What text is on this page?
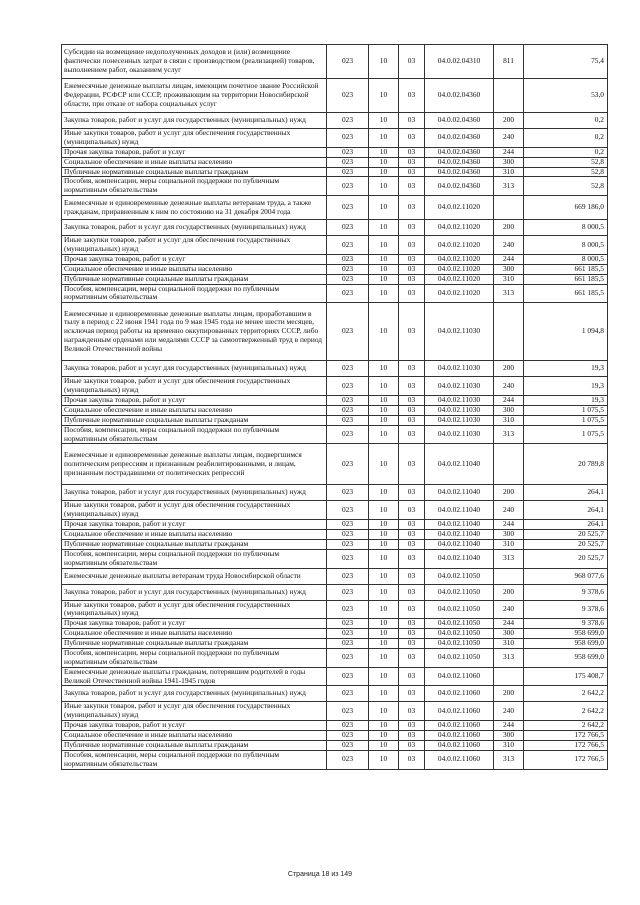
Субсидии на возмещение недополученных доходов и (или) возмещение фактически понесенных затрат в связи с производством (реализацией) товаров, выполнением работ, оказанием услуг	023	10	03	04.0.02.04310	811	75,4
Ежемесячные денежные выплаты лицам, имеющим почетное звание Российской Федерации, РСФСР или СССР, проживающим на территории Новосибирской области, при отказе от набора социальных услуг	023	10	03	04.0.02.04360		53,0
Закупка товаров, работ и услуг для государственных (муниципальных) нужд	023	10	03	04.0.02.04360	200	0,2
Иные закупки товаров, работ и услуг для обеспечения государственных (муниципальных) нужд	023	10	03	04.0.02.04360	240	0,2
Прочая закупка товаров, работ и услуг	023	10	03	04.0.02.04360	244	0,2
Социальное обеспечение и иные выплаты населению	023	10	03	04.0.02.04360	300	52,8
Публичные нормативные социальные выплаты гражданам	023	10	03	04.0.02.04360	310	52,8
Пособия, компенсации, меры социальной поддержки по публичным нормативным обязательствам	023	10	03	04.0.02.04360	313	52,8
Ежемесячные и единовременные денежные выплаты ветеранам труда, а также гражданам, приравненным к ним по состоянию на 31 декабря 2004 года	023	10	03	04.0.02.11020		669 186,0
Закупка товаров, работ и услуг для государственных (муниципальных) нужд	023	10	03	04.0.02.11020	200	8 000,5
Иные закупки товаров, работ и услуг для обеспечения государственных (муниципальных) нужд	023	10	03	04.0.02.11020	240	8 000,5
Прочая закупка товаров, работ и услуг	023	10	03	04.0.02.11020	244	8 000,5
Социальное обеспечение и иные выплаты населению	023	10	03	04.0.02.11020	300	661 185,5
Публичные нормативные социальные выплаты гражданам	023	10	03	04.0.02.11020	310	661 185,5
Пособия, компенсации, меры социальной поддержки по публичным нормативным обязательствам	023	10	03	04.0.02.11020	313	661 185,5
Ежемесячные и единовременные денежные выплаты лицам, проработавшим в тылу в период с 22 июня 1941 года по 9 мая 1945 года не менее шести месяцев, исключая период работы на временно оккупированных территориях СССР, либо награжденным орденами или медалями СССР за самоотверженный труд в период Великой Отечественной войны	023	10	03	04.0.02.11030		1 094,8
Закупка товаров, работ и услуг для государственных (муниципальных) нужд	023	10	03	04.0.02.11030	200	19,3
Иные закупки товаров, работ и услуг для обеспечения государственных (муниципальных) нужд	023	10	03	04.0.02.11030	240	19,3
Прочая закупка товаров, работ и услуг	023	10	03	04.0.02.11030	244	19,3
Социальное обеспечение и иные выплаты населению	023	10	03	04.0.02.11030	300	1 075,5
Публичные нормативные социальные выплаты гражданам	023	10	03	04.0.02.11030	310	1 075,5
Пособия, компенсации, меры социальной поддержки по публичным нормативным обязательствам	023	10	03	04.0.02.11030	313	1 075,5
Ежемесячные и единовременные денежные выплаты лицам, подвергшимся политическим репрессиям и признанным реабилитированными, и лицам, признанным пострадавшими от политических репрессий	023	10	03	04.0.02.11040		20 789,8
Закупка товаров, работ и услуг для государственных (муниципальных) нужд	023	10	03	04.0.02.11040	200	264,1
Иные закупки товаров, работ и услуг для обеспечения государственных (муниципальных) нужд	023	10	03	04.0.02.11040	240	264,1
Прочая закупка товаров, работ и услуг	023	10	03	04.0.02.11040	244	264,1
Социальное обеспечение и иные выплаты населению	023	10	03	04.0.02.11040	300	20 525,7
Публичные нормативные социальные выплаты гражданам	023	10	03	04.0.02.11040	310	20 525,7
Пособия, компенсации, меры социальной поддержки по публичным нормативным обязательствам	023	10	03	04.0.02.11040	313	20 525,7
Ежемесячные денежные выплаты ветеранам труда Новосибирской области	023	10	03	04.0.02.11050		968 077,6
Закупка товаров, работ и услуг для государственных (муниципальных) нужд	023	10	03	04.0.02.11050	200	9 378,6
Иные закупки товаров, работ и услуг для обеспечения государственных (муниципальных) нужд	023	10	03	04.0.02.11050	240	9 378,6
Прочая закупка товаров, работ и услуг	023	10	03	04.0.02.11050	244	9 378,6
Социальное обеспечение и иные выплаты населению	023	10	03	04.0.02.11050	300	958 699,0
Публичные нормативные социальные выплаты гражданам	023	10	03	04.0.02.11050	310	958 699,0
Пособия, компенсации, меры социальной поддержки по публичным нормативным обязательствам	023	10	03	04.0.02.11050	313	958 699,0
Ежемесячные денежные выплаты гражданам, потерявшим родителей в годы Великой Отечественной войны 1941-1945 годов	023	10	03	04.0.02.11060		175 408,7
Закупка товаров, работ и услуг для государственных (муниципальных) нужд	023	10	03	04.0.02.11060	200	2 642,2
Иные закупки товаров, работ и услуг для обеспечения государственных (муниципальных) нужд	023	10	03	04.0.02.11060	240	2 642,2
Прочая закупка товаров, работ и услуг	023	10	03	04.0.02.11060	244	2 642,2
Социальное обеспечение и иные выплаты населению	023	10	03	04.0.02.11060	300	172 766,5
Публичные нормативные социальные выплаты гражданам	023	10	03	04.0.02.11060	310	172 766,5
Пособия, компенсации, меры социальной поддержки по публичным нормативным обязательствам	023	10	03	04.0.02.11060	313	172 766,5
Страница 18 из 149
